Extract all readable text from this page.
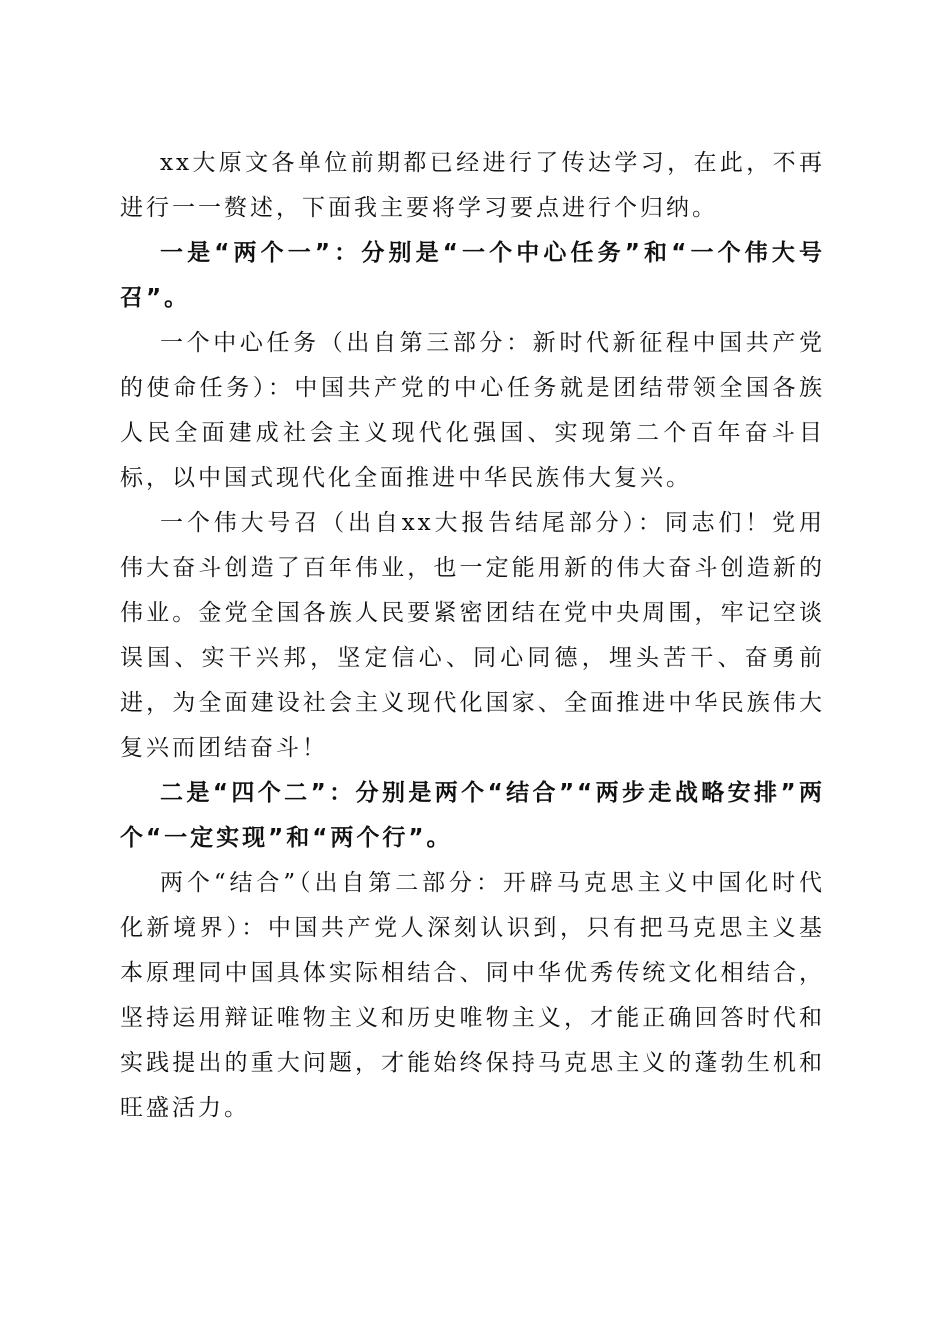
xx大原文各单位前期都已经进行了传达学习，在此，不再进行一一赘述，下面我主要将学习要点进行个归纳。

一是“两个一”：分别是“一个中心任务”和“一个伟大号召”。

一个中心任务（出自第三部分：新时代新征程中国共产党的使命任务）：中国共产党的中心任务就是团结带领全国各族人民全面建成社会主义现代化强国、实现第二个百年奋斗目标，以中国式现代化全面推进中华民族伟大复兴。

一个伟大号召（出自xx大报告结尾部分）：同志们！党用伟大奋斗创造了百年伟业，也一定能用新的伟大奋斗创造新的伟业。金党全国各族人民要紧密团结在党中央周围，牢记空谈误国、实干兴邦，坚定信心、同心同德，埋头苦干、奋勇前进，为全面建设社会主义现代化国家、全面推进中华民族伟大复兴而团结奋斗！

二是“四个二”：分别是两个“结合”“两步走战略安排”两个“一定实现”和“两个行”。

两个“结合”（出自第二部分：开辟马克思主义中国化时代化新境界）：中国共产党人深刻认识到，只有把马克思主义基本原理同中国具体实际相结合、同中华优秀传统文化相结合，坚持运用辩证唯物主义和历史唯物主义，才能正确回答时代和实践提出的重大问题，才能始终保持马克思主义的蓬勃生机和旺盛活力。
